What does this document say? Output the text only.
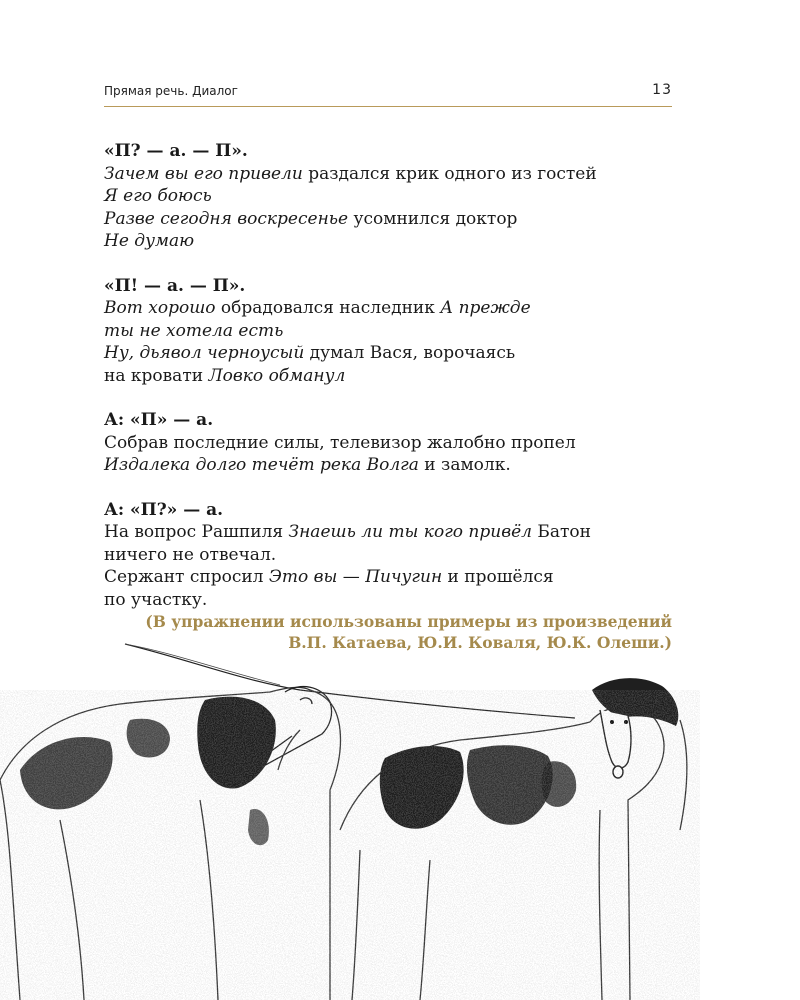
Прямая речь. Диалог	13
«П? — а. — П».
Зачем вы его привели раздался крик одного из гостей
Я его боюсь
Разве сегодня воскресенье усомнился доктор
Не думаю
«П! — а. — П».
Вот хорошо обрадовался наследник А прежде
ты не хотела есть
Ну, дьявол черноусый думал Вася, ворочаясь
на кровати Ловко обманул
А: «П» — а.
Собрав последние силы, телевизор жалобно пропел
Издалека долго течёт река Волга и замолк.
А: «П?» — а.
На вопрос Рашпиля Знаешь ли ты кого привёл Батон
ничего не отвечал.
Сержант спросил Это вы — Пичугин и прошёлся
по участку.
(В упражнении использованы примеры из произведений
В.П. Катаева, Ю.И. Коваля, Ю.К. Олеши.)
